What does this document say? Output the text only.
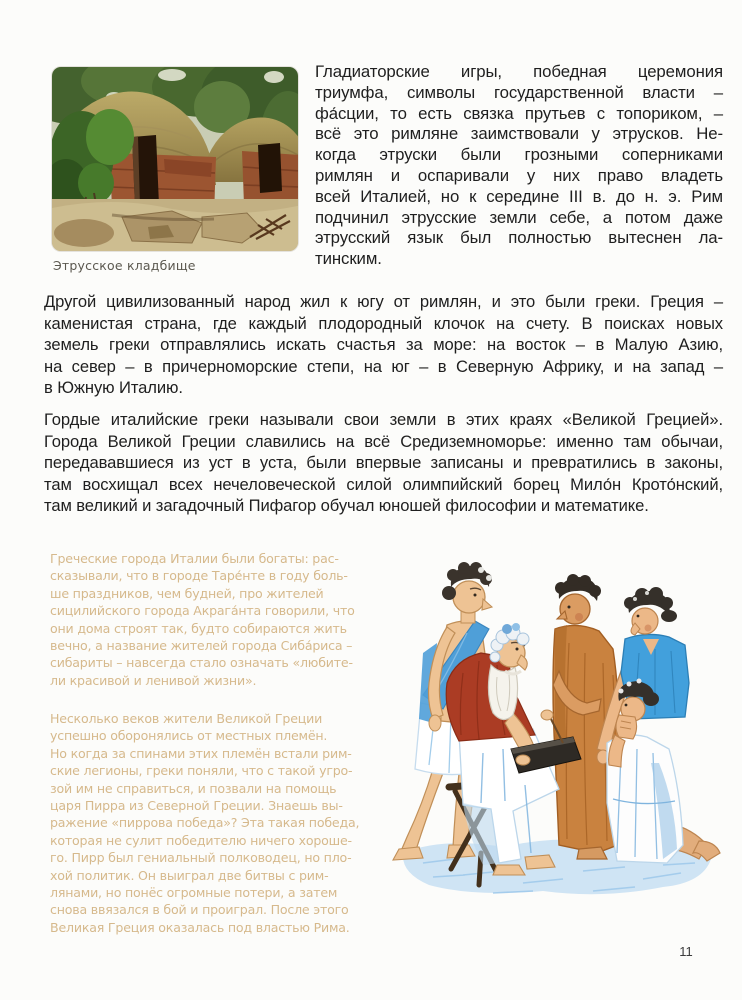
Этрусское кладбище
Гладиаторские игры, победная церемония
триумфа, символы государственной власти –
фа́сции, то есть связка прутьев с топориком, –
всё это римляне заимствовали у этрусков. Не-
когда этруски были грозными соперниками
римлян и оспаривали у них право владеть
всей Италией, но к середине III в. до н. э. Рим
подчинил этрусские земли себе, а потом даже
этрусский язык был полностью вытеснен ла-
тинским.
Другой цивилизованный народ жил к югу от римлян, и это были греки. Греция –
каменистая страна, где каждый плодородный клочок на счету. В поисках новых
земель греки отправлялись искать счастья за море: на восток – в Малую Азию,
на север – в причерноморские степи, на юг – в Северную Африку, и на запад –
в Южную Италию.
Гордые италийские греки называли свои земли в этих краях «Великой Грецией».
Города Великой Греции славились на всё Средиземноморье: именно там обычаи,
передававшиеся из уст в уста, были впервые записаны и превратились в законы,
там восхищал всех нечеловеческой силой олимпийский борец Мило́н Крото́нский,
там великий и загадочный Пифагор обучал юношей философии и математике.
Греческие города Италии были богаты: рас-
сказывали, что в городе Таре́нте в году боль-
ше праздников, чем будней, про жителей
сицилийского города Акрага́нта говорили, что
они дома строят так, будто собираются жить
вечно, а название жителей города Сиба́риса –
сибариты – навсегда стало означать «любите-
ли красивой и ленивой жизни».
Несколько веков жители Великой Греции
успешно оборонялись от местных племён.
Но когда за спинами этих племён встали рим-
ские легионы, греки поняли, что с такой угро-
зой им не справиться, и позвали на помощь
царя Пирра из Северной Греции. Знаешь вы-
ражение «пиррова победа»? Эта такая победа,
которая не сулит победителю ничего хороше-
го. Пирр был гениальный полководец, но пло-
хой политик. Он выиграл две битвы с рим-
лянами, но понёс огромные потери, а затем
снова ввязался в бой и проиграл. После этого
Великая Греция оказалась под властью Рима.
11
